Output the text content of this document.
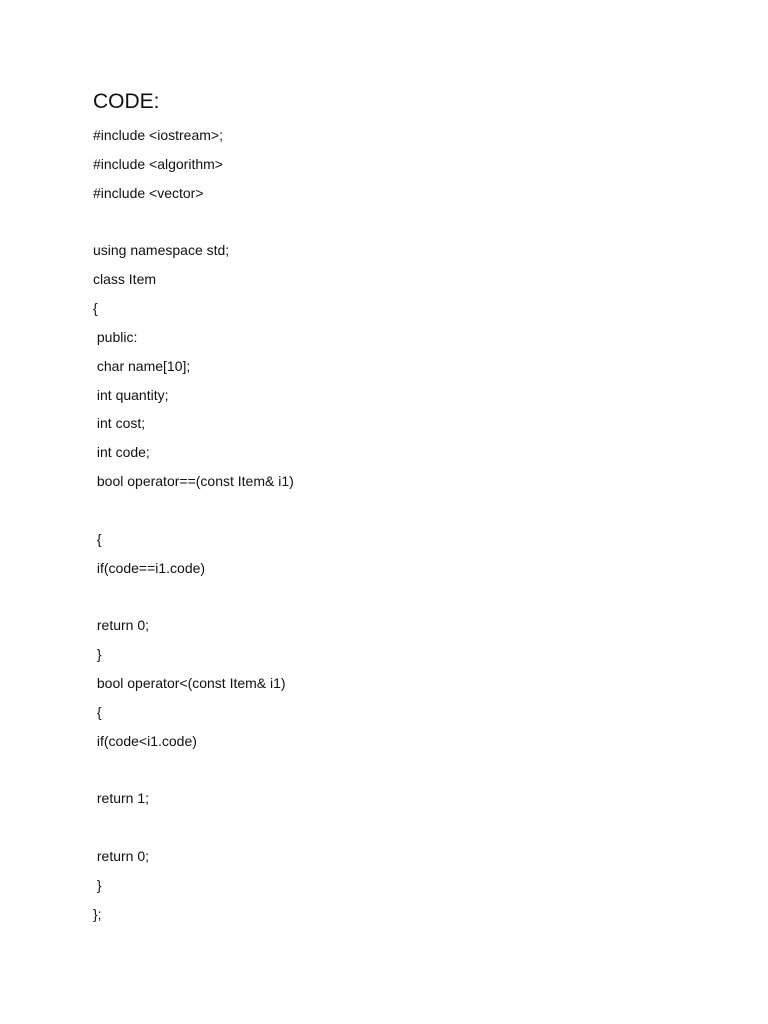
CODE:
#include <iostream>;
#include <algorithm>
#include <vector>
using namespace std;
class Item
{
public:
char name[10];
int quantity;
int cost;
int code;
bool operator==(const Item& i1)
{
if(code==i1.code)
return 0;
}
bool operator<(const Item& i1)
{
if(code<i1.code)
return 1;
return 0;
}
};
